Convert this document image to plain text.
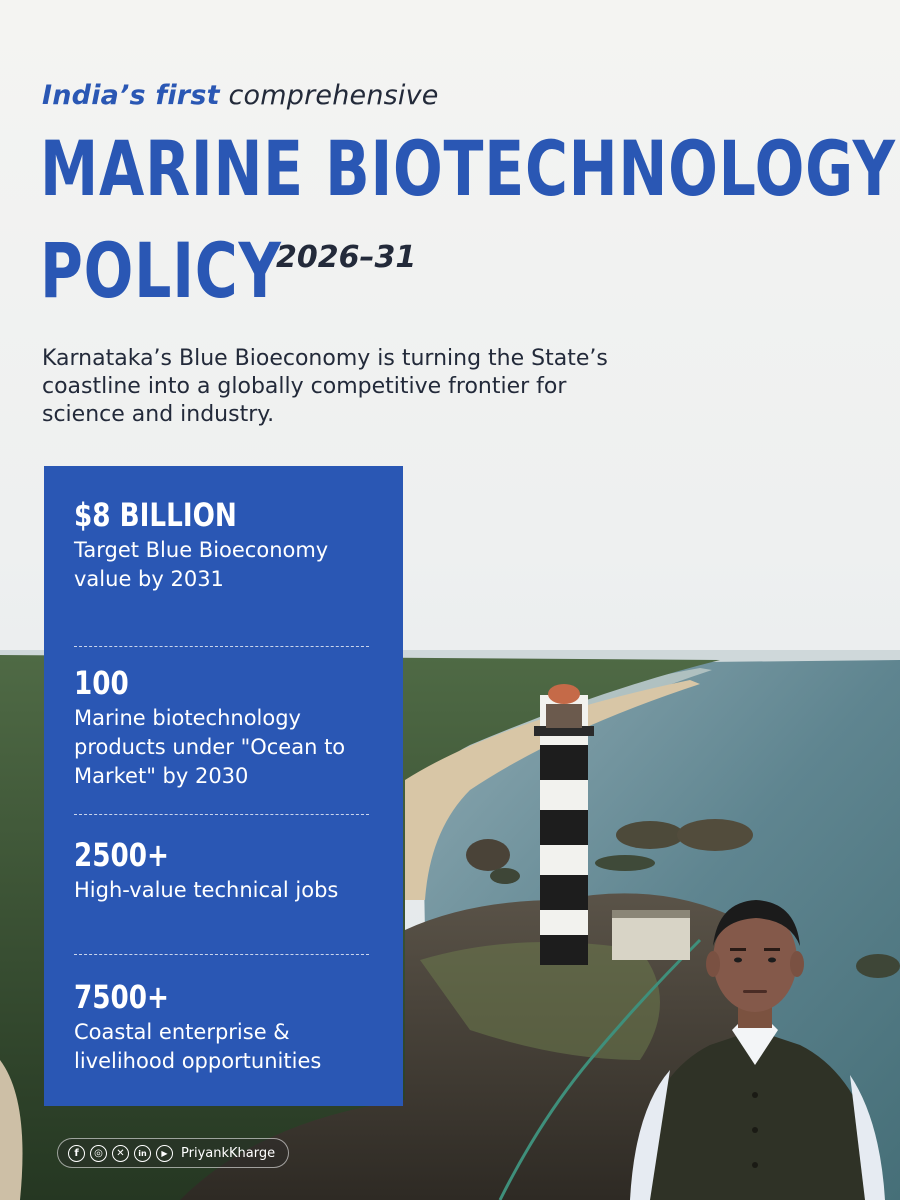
India’s first comprehensive
MARINE BIOTECHNOLOGY
POLICY
2026–31
Karnataka’s Blue Bioeconomy is turning the State’s coastline into a globally competitive frontier for science and industry.
$8 BILLION
Target Blue Bioeconomy value by 2031
100
Marine biotechnology products under "Ocean to Market" by 2030
2500+
High-value technical jobs
7500+
Coastal enterprise & livelihood opportunities
f	◎	✕	in	▶	PriyankKharge
